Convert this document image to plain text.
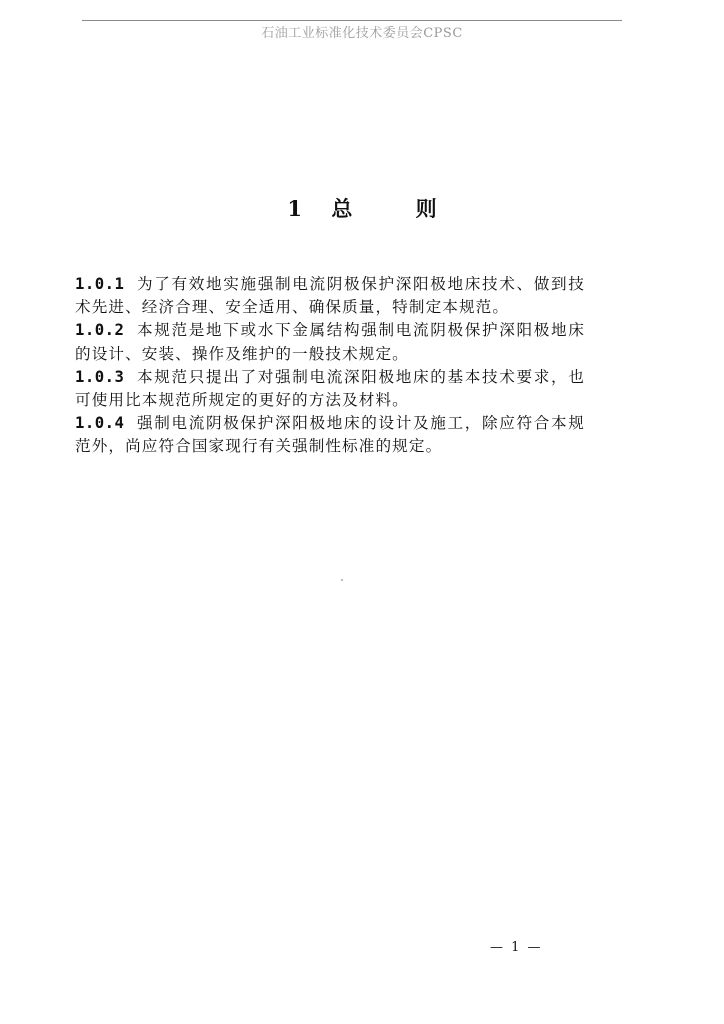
石油工业标准化技术委员会CPSC
1 总	则

1.0.1 为了有效地实施强制电流阴极保护深阳极地床技术、做到技术先进、经济合理、安全适用、确保质量，特制定本规范。

1.0.2 本规范是地下或水下金属结构强制电流阴极保护深阳极地床的设计、安装、操作及维护的一般技术规定。

1.0.3 本规范只提出了对强制电流深阳极地床的基本技术要求，也可使用比本规范所规定的更好的方法及材料。

1.0.4 强制电流阴极保护深阳极地床的设计及施工，除应符合本规范外，尚应符合国家现行有关强制性标准的规定。

— 1 —
